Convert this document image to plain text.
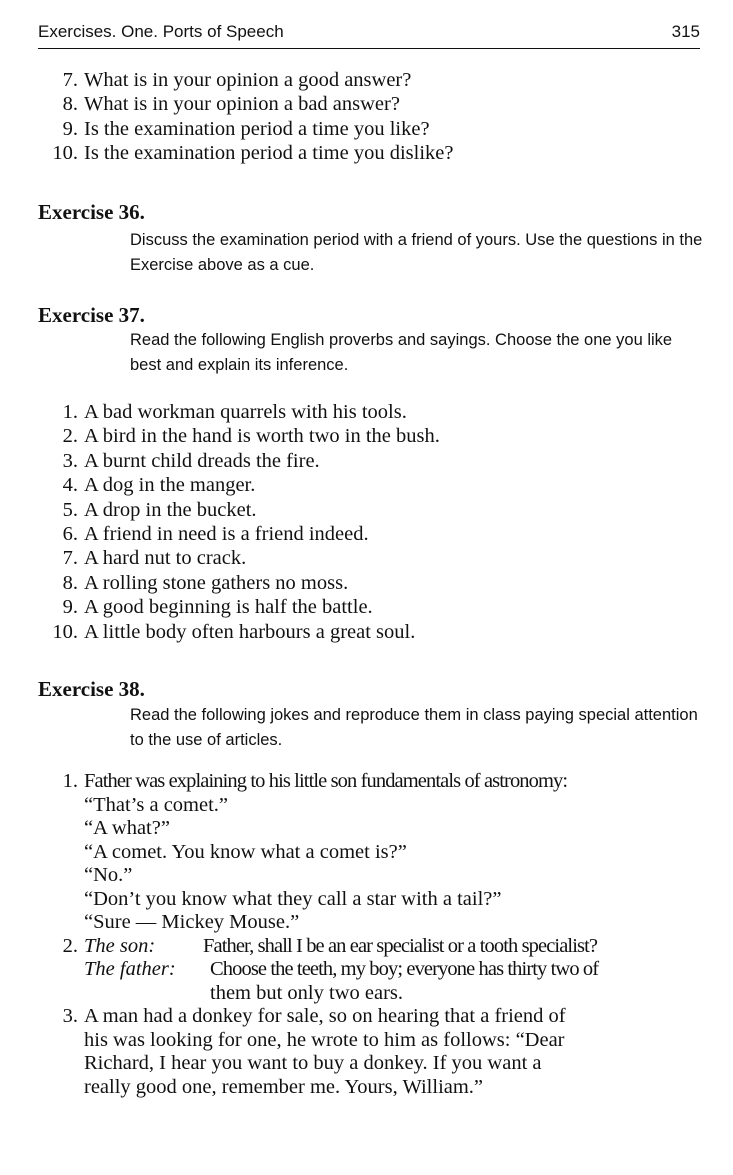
Exercises. One. Ports of Speech	315
7. What is in your opinion a good answer?
8. What is in your opinion a bad answer?
9. Is the examination period a time you like?
10. Is the examination period a time you dislike?
Exercise 36.
Discuss the examination period with a friend of yours. Use the questions in the Exercise above as a cue.
Exercise 37.
Read the following English proverbs and sayings. Choose the one you like best and explain its inference.
1. A bad workman quarrels with his tools.
2. A bird in the hand is worth two in the bush.
3. A burnt child dreads the fire.
4. A dog in the manger.
5. A drop in the bucket.
6. A friend in need is a friend indeed.
7. A hard nut to crack.
8. A rolling stone gathers no moss.
9. A good beginning is half the battle.
10. A little body often harbours a great soul.
Exercise 38.
Read the following jokes and reproduce them in class paying special attention to the use of articles.
1. Father was explaining to his little son fundamentals of astronomy:
“That’s a comet.”
“A what?”
“A comet. You know what a comet is?”
“No.”
“Don’t you know what they call a star with a tail?”
“Sure — Mickey Mouse.”
2. The son: Father, shall I be an ear specialist or a tooth specialist?
The father: Choose the teeth, my boy; everyone has thirty two of
them but only two ears.
3. A man had a donkey for sale, so on hearing that a friend of
his was looking for one, he wrote to him as follows: “Dear
Richard, I hear you want to buy a donkey. If you want a
really good one, remember me. Yours, William.”
